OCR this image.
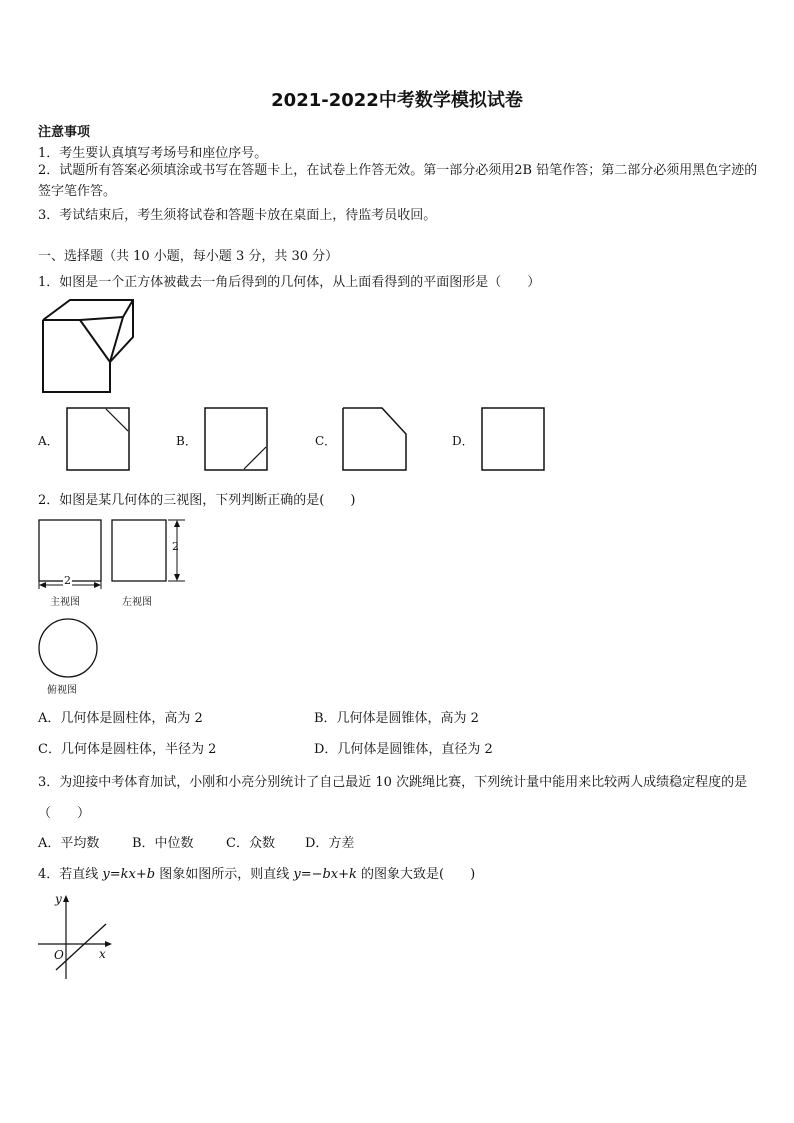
2021-2022中考数学模拟试卷
注意事项
1．考生要认真填写考场号和座位序号。
2．试题所有答案必须填涂或书写在答题卡上，在试卷上作答无效。第一部分必须用2B 铅笔作答；第二部分必须用黑色字迹的签字笔作答。
3．考试结束后，考生须将试卷和答题卡放在桌面上，待监考员收回。
一、选择题（共 10 小题，每小题 3 分，共 30 分）
1．如图是一个正方体被截去一角后得到的几何体，从上面看得到的平面图形是（　　）
A．	B．	C．	D．
2．如图是某几何体的三视图，下列判断正确的是(　　)
2
主视图
2
左视图
俯视图
A．几何体是圆柱体，高为 2	B．几何体是圆锥体，高为 2
C．几何体是圆柱体，半径为 2	D．几何体是圆锥体，直径为 2
3．为迎接中考体育加试，小刚和小亮分别统计了自己最近 10 次跳绳比赛，下列统计量中能用来比较两人成绩稳定程度的是　（　　）
A．平均数	B．中位数 C．众数 D．方差
4．若直线 y=kx+b 图象如图所示，则直线 y=−bx+k 的图象大致是(　　)
y
x
O
